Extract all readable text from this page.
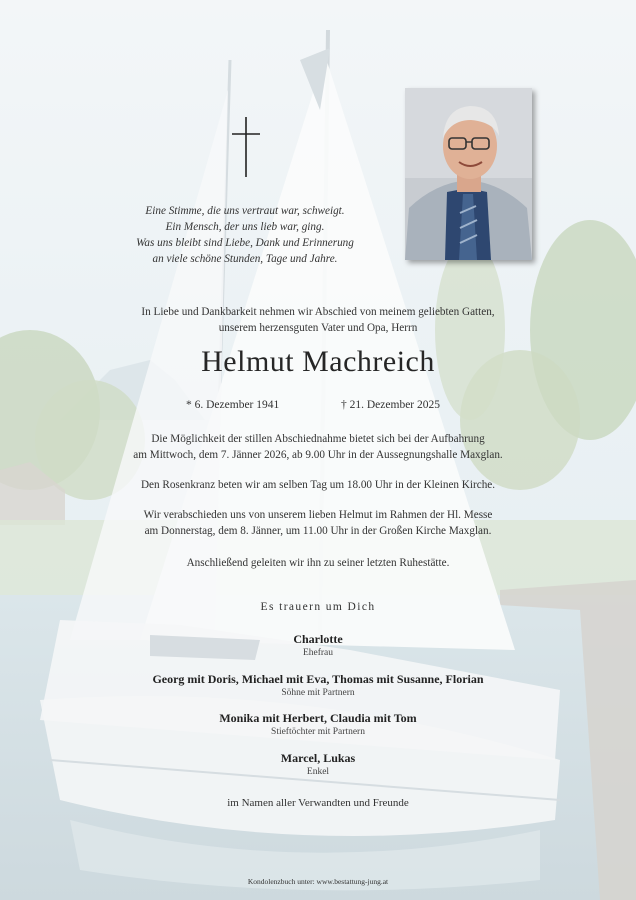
Eine Stimme, die uns vertraut war, schweigt.
Ein Mensch, der uns lieb war, ging.
Was uns bleibt sind Liebe, Dank und Erinnerung
an viele schöne Stunden, Tage und Jahre.
In Liebe und Dankbarkeit nehmen wir Abschied von meinem geliebten Gatten,
unserem herzensguten Vater und Opa, Herrn
Helmut Machreich
* 6. Dezember 1941	† 21. Dezember 2025
Die Möglichkeit der stillen Abschiednahme bietet sich bei der Aufbahrung
am Mittwoch, dem 7. Jänner 2026, ab 9.00 Uhr in der Aussegnungshalle Maxglan.
Den Rosenkranz beten wir am selben Tag um 18.00 Uhr in der Kleinen Kirche.
Wir verabschieden uns von unserem lieben Helmut im Rahmen der Hl. Messe
am Donnerstag, dem 8. Jänner, um 11.00 Uhr in der Großen Kirche Maxglan.
Anschließend geleiten wir ihn zu seiner letzten Ruhestätte.
Es trauern um Dich
Charlotte
Ehefrau
Georg mit Doris, Michael mit Eva, Thomas mit Susanne, Florian
Söhne mit Partnern
Monika mit Herbert, Claudia mit Tom
Stieftöchter mit Partnern
Marcel, Lukas
Enkel
im Namen aller Verwandten und Freunde
Kondolenzbuch unter: www.bestattung-jung.at
